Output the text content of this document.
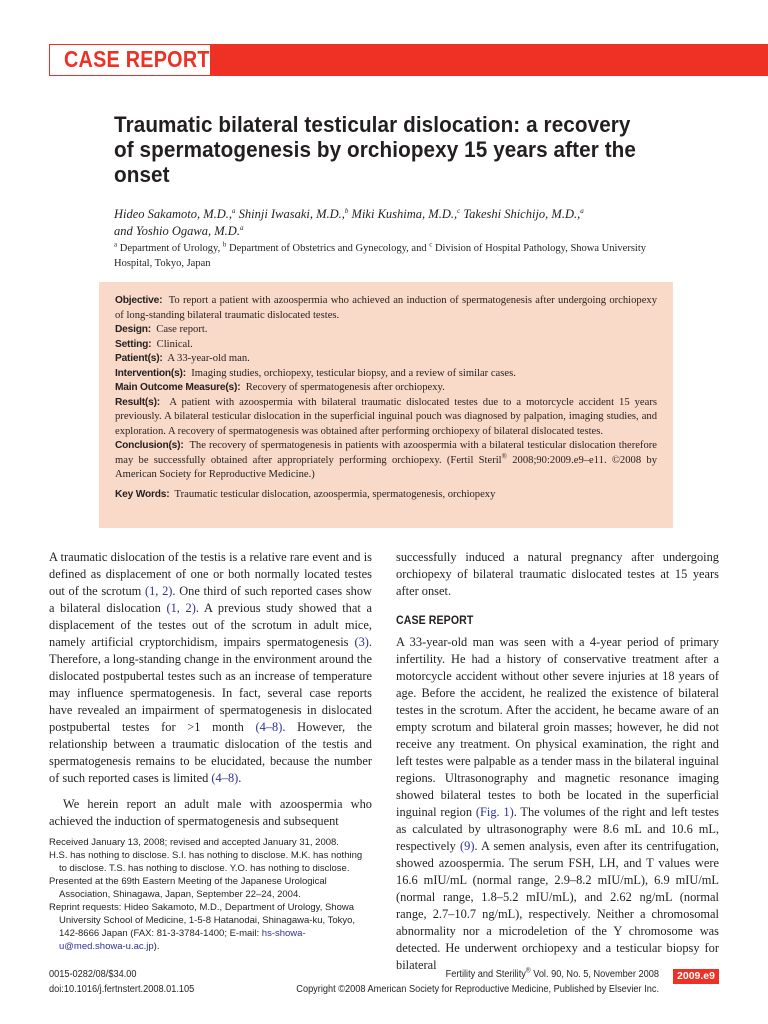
CASE REPORT
Traumatic bilateral testicular dislocation: a recovery of spermatogenesis by orchiopexy 15 years after the onset
Hideo Sakamoto, M.D.,$^a$ Shinji Iwasaki, M.D.,$^b$ Miki Kushima, M.D.,$^c$ Takeshi Shichijo, M.D.,$^a$
and Yoshio Ogawa, M.D.$^a$
$^a$ Department of Urology, $^b$ Department of Obstetrics and Gynecology, and $^c$ Division of Hospital Pathology, Showa University Hospital, Tokyo, Japan

Objective: To report a patient with azoospermia who achieved an induction of spermatogenesis after undergoing orchiopexy of long-standing bilateral traumatic dislocated testes.

Design: Case report.

Setting: Clinical.

Patient(s): A 33-year-old man.

Intervention(s): Imaging studies, orchiopexy, testicular biopsy, and a review of similar cases.

Main Outcome Measure(s): Recovery of spermatogenesis after orchiopexy.

Result(s): A patient with azoospermia with bilateral traumatic dislocated testes due to a motorcycle accident 15 years previously. A bilateral testicular dislocation in the superficial inguinal pouch was diagnosed by palpation, imaging studies, and exploration. A recovery of spermatogenesis was obtained after performing orchiopexy of bilateral dislocated testes.

Conclusion(s): The recovery of spermatogenesis in patients with azoospermia with a bilateral testicular dislocation therefore may be successfully obtained after appropriately performing orchiopexy. (Fertil Steril® 2008;90:2009.e9–e11. ©2008 by American Society for Reproductive Medicine.)

Key Words: Traumatic testicular dislocation, azoospermia, spermatogenesis, orchiopexy

A traumatic dislocation of the testis is a relative rare event and is defined as displacement of one or both normally located testes out of the scrotum (1, 2). One third of such reported cases show a bilateral dislocation (1, 2). A previous study showed that a displacement of the testes out of the scrotum in adult mice, namely artificial cryptorchidism, impairs spermatogenesis (3). Therefore, a long-standing change in the environment around the dislocated postpubertal testes such as an increase of temperature may influence spermatogenesis. In fact, several case reports have revealed an impairment of spermatogenesis in dislocated postpubertal testes for >1 month (4–8). However, the relationship between a traumatic dislocation of the testis and spermatogenesis remains to be elucidated, because the number of such reported cases is limited (4–8).

We herein report an adult male with azoospermia who achieved the induction of spermatogenesis and subsequent

Received January 13, 2008; revised and accepted January 31, 2008.

H.S. has nothing to disclose. S.I. has nothing to disclose. M.K. has nothing to disclose. T.S. has nothing to disclose. Y.O. has nothing to disclose.

Presented at the 69th Eastern Meeting of the Japanese Urological Association, Shinagawa, Japan, September 22–24, 2004.

Reprint requests: Hideo Sakamoto, M.D., Department of Urology, Showa University School of Medicine, 1-5-8 Hatanodai, Shinagawa-ku, Tokyo, 142-8666 Japan (FAX: 81-3-3784-1400; E-mail: hs-showa-u@med.showa-u.ac.jp).

successfully induced a natural pregnancy after undergoing orchiopexy of bilateral traumatic dislocated testes at 15 years after onset.

CASE REPORT

A 33-year-old man was seen with a 4-year period of primary infertility. He had a history of conservative treatment after a motorcycle accident without other severe injuries at 18 years of age. Before the accident, he realized the existence of bilateral testes in the scrotum. After the accident, he became aware of an empty scrotum and bilateral groin masses; however, he did not receive any treatment. On physical examination, the right and left testes were palpable as a tender mass in the bilateral inguinal regions. Ultrasonography and magnetic resonance imaging showed bilateral testes to both be located in the superficial inguinal region (Fig. 1). The volumes of the right and left testes as calculated by ultrasonography were 8.6 mL and 10.6 mL, respectively (9). A semen analysis, even after its centrifugation, showed azoospermia. The serum FSH, LH, and T values were 16.6 mIU/mL (normal range, 2.9–8.2 mIU/mL), 6.9 mIU/mL (normal range, 1.8–5.2 mIU/mL), and 2.62 ng/mL (normal range, 2.7–10.7 ng/mL), respectively. Neither a chromosomal abnormality nor a microdeletion of the Y chromosome was detected. He underwent orchiopexy and a testicular biopsy for bilateral

0015-0282/08/$34.00
doi:10.1016/j.fertnstert.2008.01.105
Fertility and Sterility® Vol. 90, No. 5, November 2008
Copyright ©2008 American Society for Reproductive Medicine, Published by Elsevier Inc.
2009.e9
